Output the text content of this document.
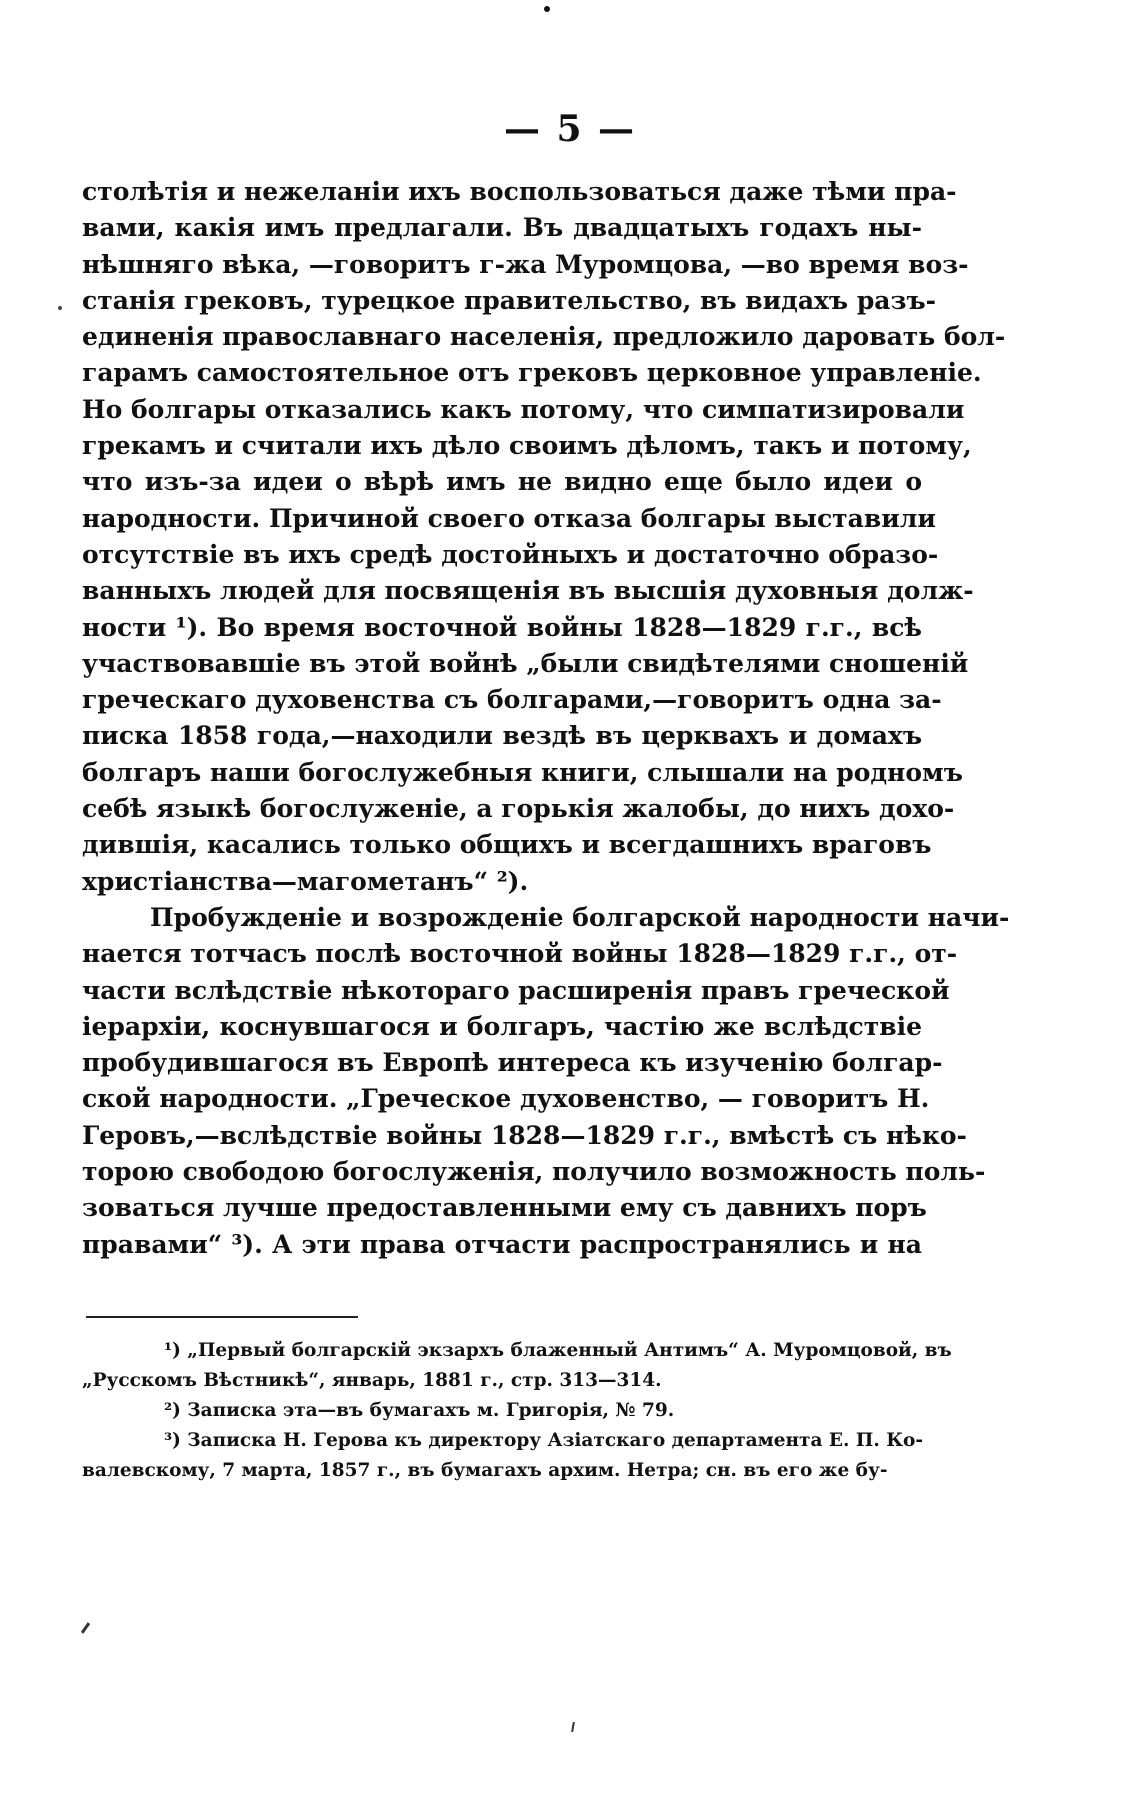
— 5 —
столѣтія и нежеланіи ихъ воспользоваться даже тѣми пра-
вами, какія имъ предлагали. Въ двадцатыхъ годахъ ны-
нѣшняго вѣка, —говоритъ г-жа Муромцова, —во время воз-
станія грековъ, турецкое правительство, въ видахъ разъ-
единенія православнаго населенія, предложило даровать бол-
гарамъ самостоятельное отъ грековъ церковное управленіе.
Но болгары отказались какъ потому, что симпатизировали
грекамъ и считали ихъ дѣло своимъ дѣломъ, такъ и потому,
что изъ-за идеи о вѣрѣ имъ не видно еще было идеи о
народности. Причиной своего отказа болгары выставили
отсутствіе въ ихъ средѣ достойныхъ и достаточно образо-
ванныхъ людей для посвященія въ высшія духовныя долж-
ности ¹). Во время восточной войны 1828—1829 г.г., всѣ
участвовавшіе въ этой войнѣ „были свидѣтелями сношеній
греческаго духовенства съ болгарами,—говоритъ одна за-
писка 1858 года,—находили вездѣ въ церквахъ и домахъ
болгаръ наши богослужебныя книги, слышали на родномъ
себѣ языкѣ богослуженіе, а горькія жалобы, до нихъ дохо-
дившія, касались только общихъ и всегдашнихъ враговъ
христіанства—магометанъ“ ²).
Пробужденіе и возрожденіе болгарской народности начи-
нается тотчасъ послѣ восточной войны 1828—1829 г.г., от-
части вслѣдствіе нѣкотораго расширенія правъ греческой
іерархіи, коснувшагося и болгаръ, частію же вслѣдствіе
пробудившагося въ Европѣ интереса къ изученію болгар-
ской народности. „Греческое духовенство, — говоритъ Н.
Геровъ,—вслѣдствіе войны 1828—1829 г.г., вмѣстѣ съ нѣко-
торою свободою богослуженія, получило возможность поль-
зоваться лучше предоставленными ему съ давнихъ поръ
правами“ ³). А эти права отчасти распространялись и на
¹) „Первый болгарскій экзархъ блаженный Антимъ“ А. Муромцовой, въ
„Русскомъ Вѣстникѣ“, январь, 1881 г., стр. 313—314.
²) Записка эта—въ бумагахъ м. Григорія, № 79.
³) Записка Н. Герова къ директору Азіатскаго департамента Е. П. Ко-
валевскому, 7 марта, 1857 г., въ бумагахъ архим. Нетра; сн. въ его же бу-
